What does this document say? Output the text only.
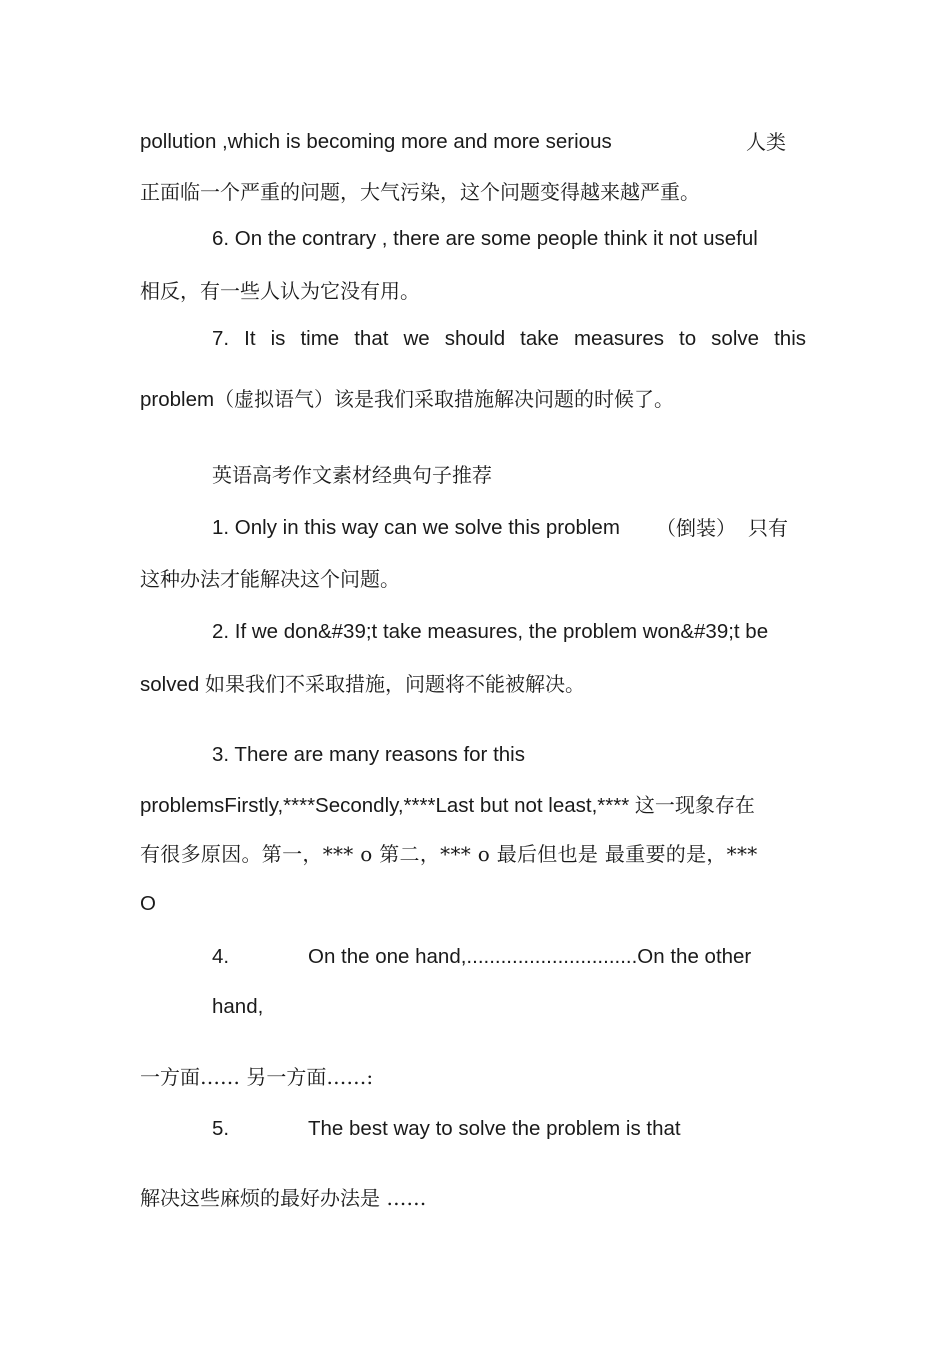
pollution ,which is becoming more and more serious	人类
正面临一个严重的问题，大气污染，这个问题变得越来越严重。
6. On the contrary , there are some people think it not useful
相反，有一些人认为它没有用。
7. It is time that we should take measures to solve this
problem（虚拟语气）该是我们采取措施解决问题的时候了。
英语高考作文素材经典句子推荐
1. Only in this way can we solve this problem （倒装） 只有
这种办法才能解决这个问题。
2. If we don&#39;t take measures, the problem won&#39;t be
solved 如果我们不采取措施，问题将不能被解决。
3. There are many reasons for this
problemsFirstly,****Secondly,****Last but not least,**** 这一现象存在
有很多原因。第一，*** o 第二，*** o 最后但也是 最重要的是，***
O
4.	On the one hand,..............................On the other
hand,
一方面…… 另一方面……:
5.	The best way to solve the problem is that
解决这些麻烦的最好办法是 ……
